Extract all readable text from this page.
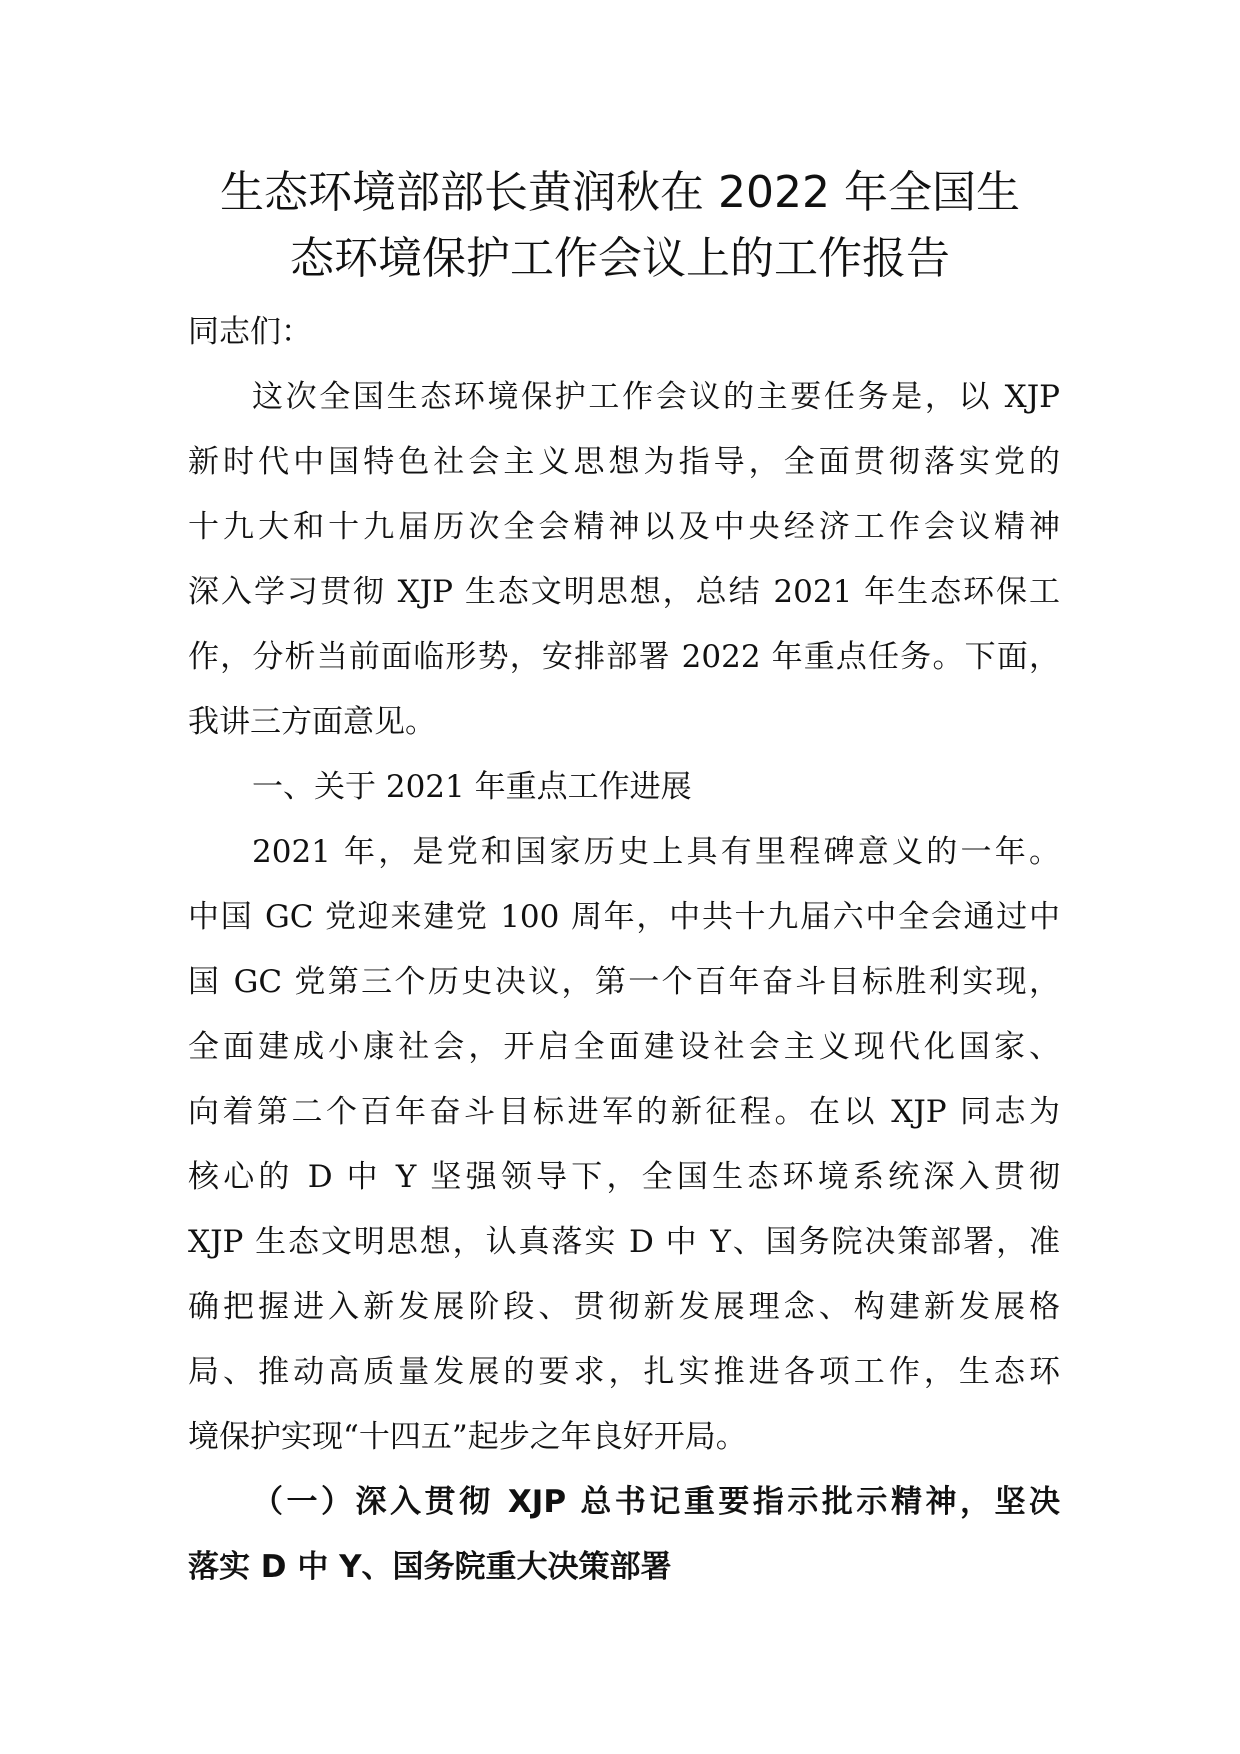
生态环境部部长黄润秋在 2022 年全国生
态环境保护工作会议上的工作报告
同志们：
这次全国生态环境保护工作会议的主要任务是，以 XJP
新时代中国特色社会主义思想为指导，全面贯彻落实党的
十九大和十九届历次全会精神以及中央经济工作会议精神
深入学习贯彻 XJP 生态文明思想，总结 2021 年生态环保工
作，分析当前面临形势，安排部署 2022 年重点任务。下面，
我讲三方面意见。
一、关于 2021 年重点工作进展
2021 年，是党和国家历史上具有里程碑意义的一年。
中国 GC 党迎来建党 100 周年，中共十九届六中全会通过中
国 GC 党第三个历史决议，第一个百年奋斗目标胜利实现，
全面建成小康社会，开启全面建设社会主义现代化国家、
向着第二个百年奋斗目标进军的新征程。在以 XJP 同志为
核心的 D 中 Y 坚强领导下，全国生态环境系统深入贯彻
XJP 生态文明思想，认真落实 D 中 Y、国务院决策部署，准
确把握进入新发展阶段、贯彻新发展理念、构建新发展格
局、推动高质量发展的要求，扎实推进各项工作，生态环
境保护实现“十四五”起步之年良好开局。
（一）深入贯彻 XJP 总书记重要指示批示精神，坚决
落实 D 中 Y、国务院重大决策部署
